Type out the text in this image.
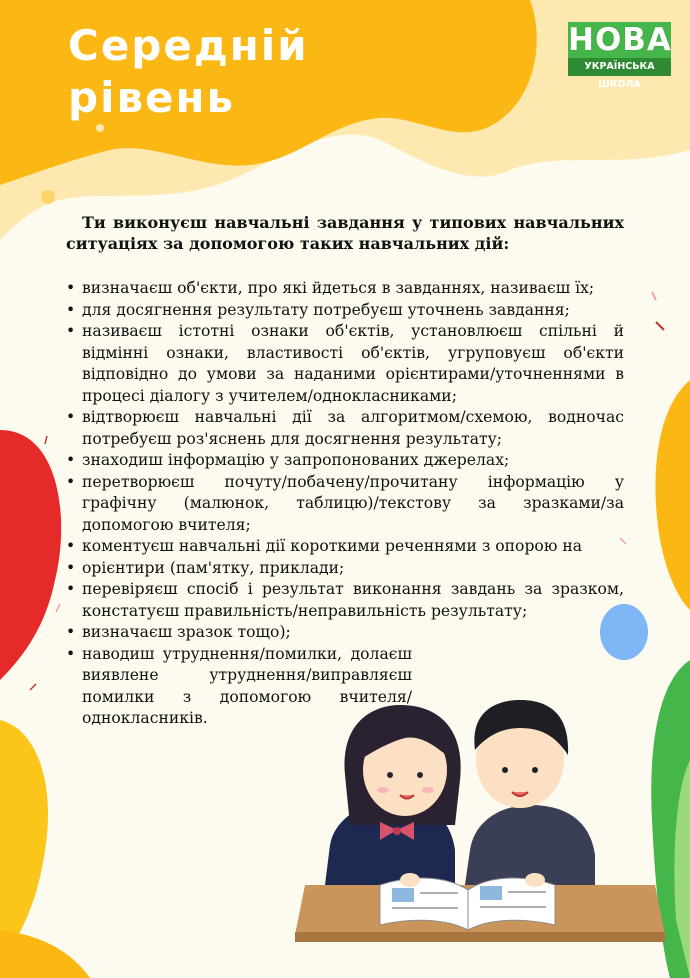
Середній
рівень
НОВА
УКРАЇНСЬКА ШКОЛА

Ти виконуєш навчальні завдання у типових навчальних ситуаціях за допомогою таких навчальних дій:

• визначаєш об'єкти, про які йдеться в завданнях, називаєш їх;
• для досягнення результату потребуєш уточнень завдання;
• називаєш істотні ознаки об'єктів, установлюєш спільні й відмінні ознаки, властивості об'єктів, угруповуєш об'єкти відповідно до умови за наданими орієнтирами/уточненнями в процесі діалогу з учителем/однокласниками;
• відтворюєш навчальні дії за алгоритмом/схемою, водночас потребуєш роз'яснень для досягнення результату;
• знаходиш інформацію у запропонованих джерелах;
• перетворюєш почуту/побачену/прочитану інформацію у графічну (малюнок, таблицю)/текстову за зразками/за допомогою вчителя;
• коментуєш навчальні дії короткими реченнями з опорою на
• орієнтири (пам'ятку, приклади;
• перевіряєш спосіб і результат виконання завдань за зразком, констатуєш правильність/неправильність результату;
• визначаєш зразок тощо);
• наводиш утруднення/помилки, долаєш виявлене утруднення/виправляєш помилки з допомогою вчителя/однокласників.
